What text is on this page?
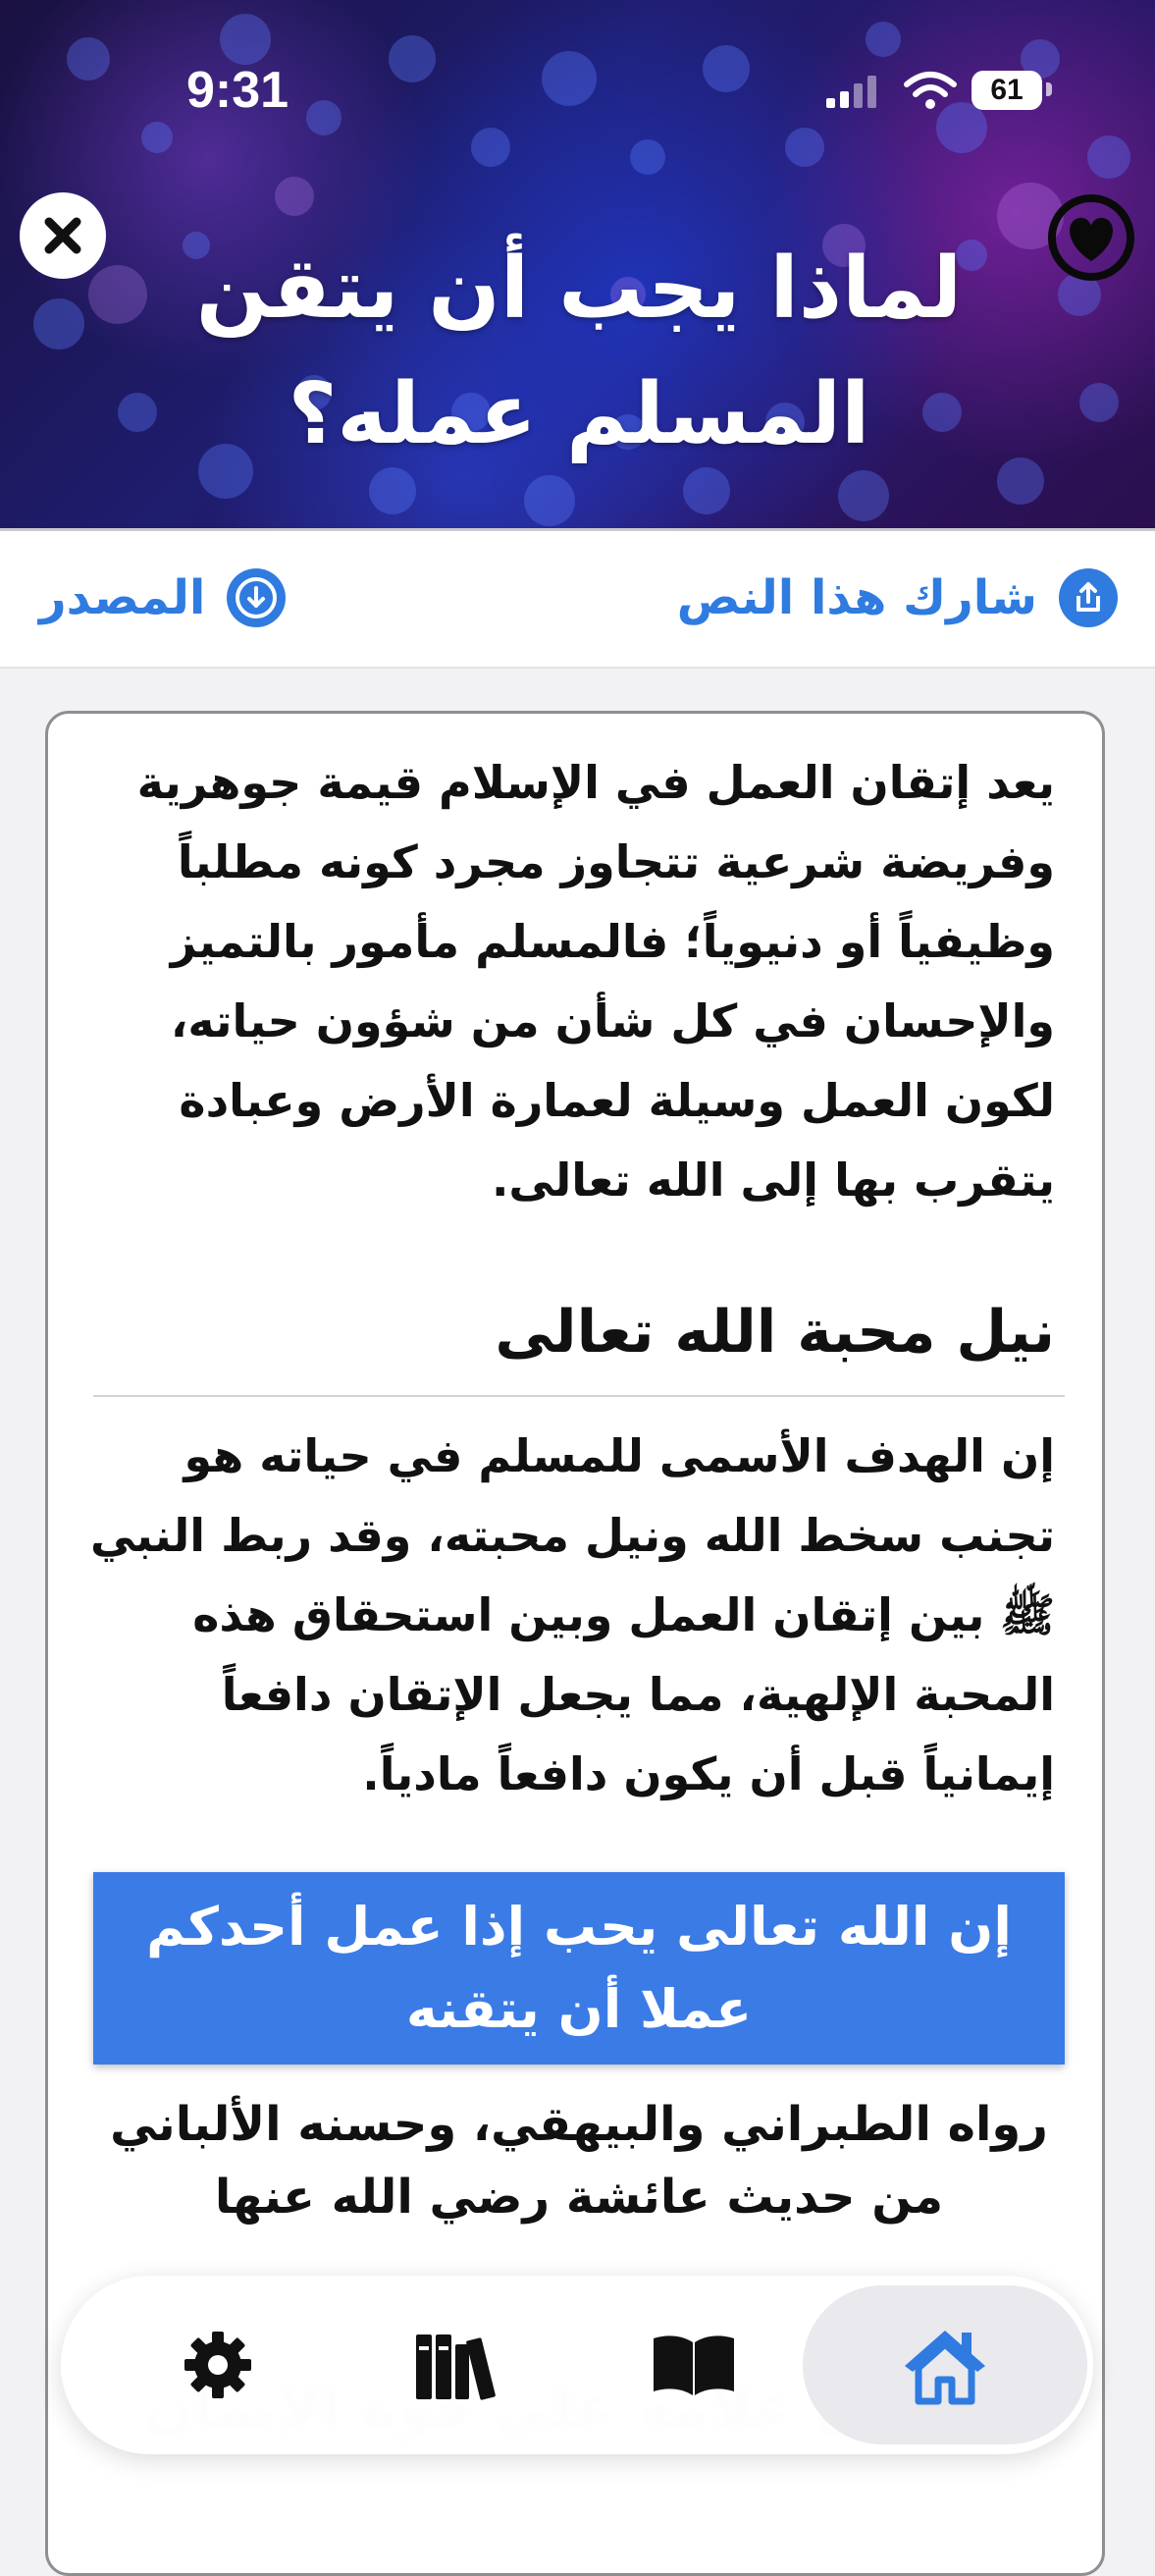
9:31	61
لماذا يجب أن يتقن المسلم عمله؟
شارك هذا النص
المصدر

يعد إتقان العمل في الإسلام قيمة جوهرية وفريضة شرعية تتجاوز مجرد كونه مطلباً وظيفياً أو دنيوياً؛ فالمسلم مأمور بالتميز والإحسان في كل شأن من شؤون حياته، لكون العمل وسيلة لعمارة الأرض وعبادة يتقرب بها إلى الله تعالى.

نيل محبة الله تعالى

إن الهدف الأسمى للمسلم في حياته هو تجنب سخط الله ونيل محبته، وقد ربط النبي ﷺ بين إتقان العمل وبين استحقاق هذه المحبة الإلهية، مما يجعل الإتقان دافعاً إيمانياً قبل أن يكون دافعاً مادياً.

إن الله تعالى يحب إذا عمل أحدكم عملا أن يتقنه

رواه الطبراني والبيهقي، وحسنه الألباني من حديث عائشة رضي الله عنها
